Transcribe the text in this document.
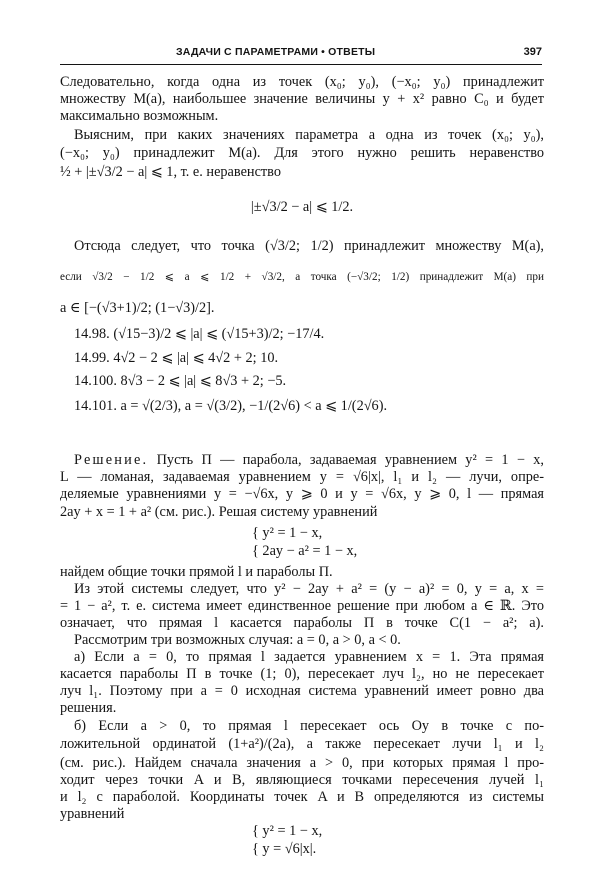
ЗАДАЧИ С ПАРАМЕТРАМИ • ОТВЕТЫ	397
Следовательно, когда одна из точек (x₀; y₀), (−x₀; y₀) принадлежит
множеству M(a), наибольшее значение величины y + x² равно C₀ и будет
максимально возможным.
Выясним, при каких значениях параметра a одна из точек (x₀; y₀),
(−x₀; y₀) принадлежит M(a). Для этого нужно решить неравенство
½ + |±√3/2 − a| ⩽ 1, т. е. неравенство
|±√3/2 − a| ⩽ 1/2.
Отсюда следует, что точка (√3/2; 1/2) принадлежит множеству M(a),
если √3/2 − 1/2 ⩽ a ⩽ 1/2 + √3/2, а точка (−√3/2; 1/2) принадлежит M(a) при
a ∈ [−(√3+1)/2; (1−√3)/2].
14.98. (√15−3)/2 ⩽ |a| ⩽ (√15+3)/2; −17/4.
14.99. 4√2 − 2 ⩽ |a| ⩽ 4√2 + 2; 10.
14.100. 8√3 − 2 ⩽ |a| ⩽ 8√3 + 2; −5.
14.101. a = √(2/3), a = √(3/2), −1/(2√6) < a ⩽ 1/(2√6).
Решение. Пусть П — парабола, задаваемая уравнением y² = 1 − x,
L — ломаная, задаваемая уравнением y = √6|x|, l₁ и l₂ — лучи, опре-
деляемые уравнениями y = −√6x, y ⩾ 0 и y = √6x, y ⩾ 0, l — прямая
2ay + x = 1 + a² (см. рис.). Решая систему уравнений
{ y² = 1 − x,
{ 2ay − a² = 1 − x,
найдем общие точки прямой l и параболы П.
Из этой системы следует, что y² − 2ay + a² = (y − a)² = 0, y = a, x =
= 1 − a², т. е. система имеет единственное решение при любом a ∈ ℝ. Это
означает, что прямая l касается параболы П в точке C(1 − a²; a).
Рассмотрим три возможных случая: a = 0, a > 0, a < 0.
а) Если a = 0, то прямая l задается уравнением x = 1. Эта прямая
касается параболы П в точке (1; 0), пересекает луч l₂, но не пересекает
луч l₁. Поэтому при a = 0 исходная система уравнений имеет ровно два
решения.
б) Если a > 0, то прямая l пересекает ось Oy в точке с по-
ложительной ординатой (1+a²)/(2a), а также пересекает лучи l₁ и l₂
(см. рис.). Найдем сначала значения a > 0, при которых прямая l про-
ходит через точки A и B, являющиеся точками пересечения лучей l₁
и l₂ с параболой. Координаты точек A и B определяются из системы
уравнений
{ y² = 1 − x,
{ y = √6|x|.
